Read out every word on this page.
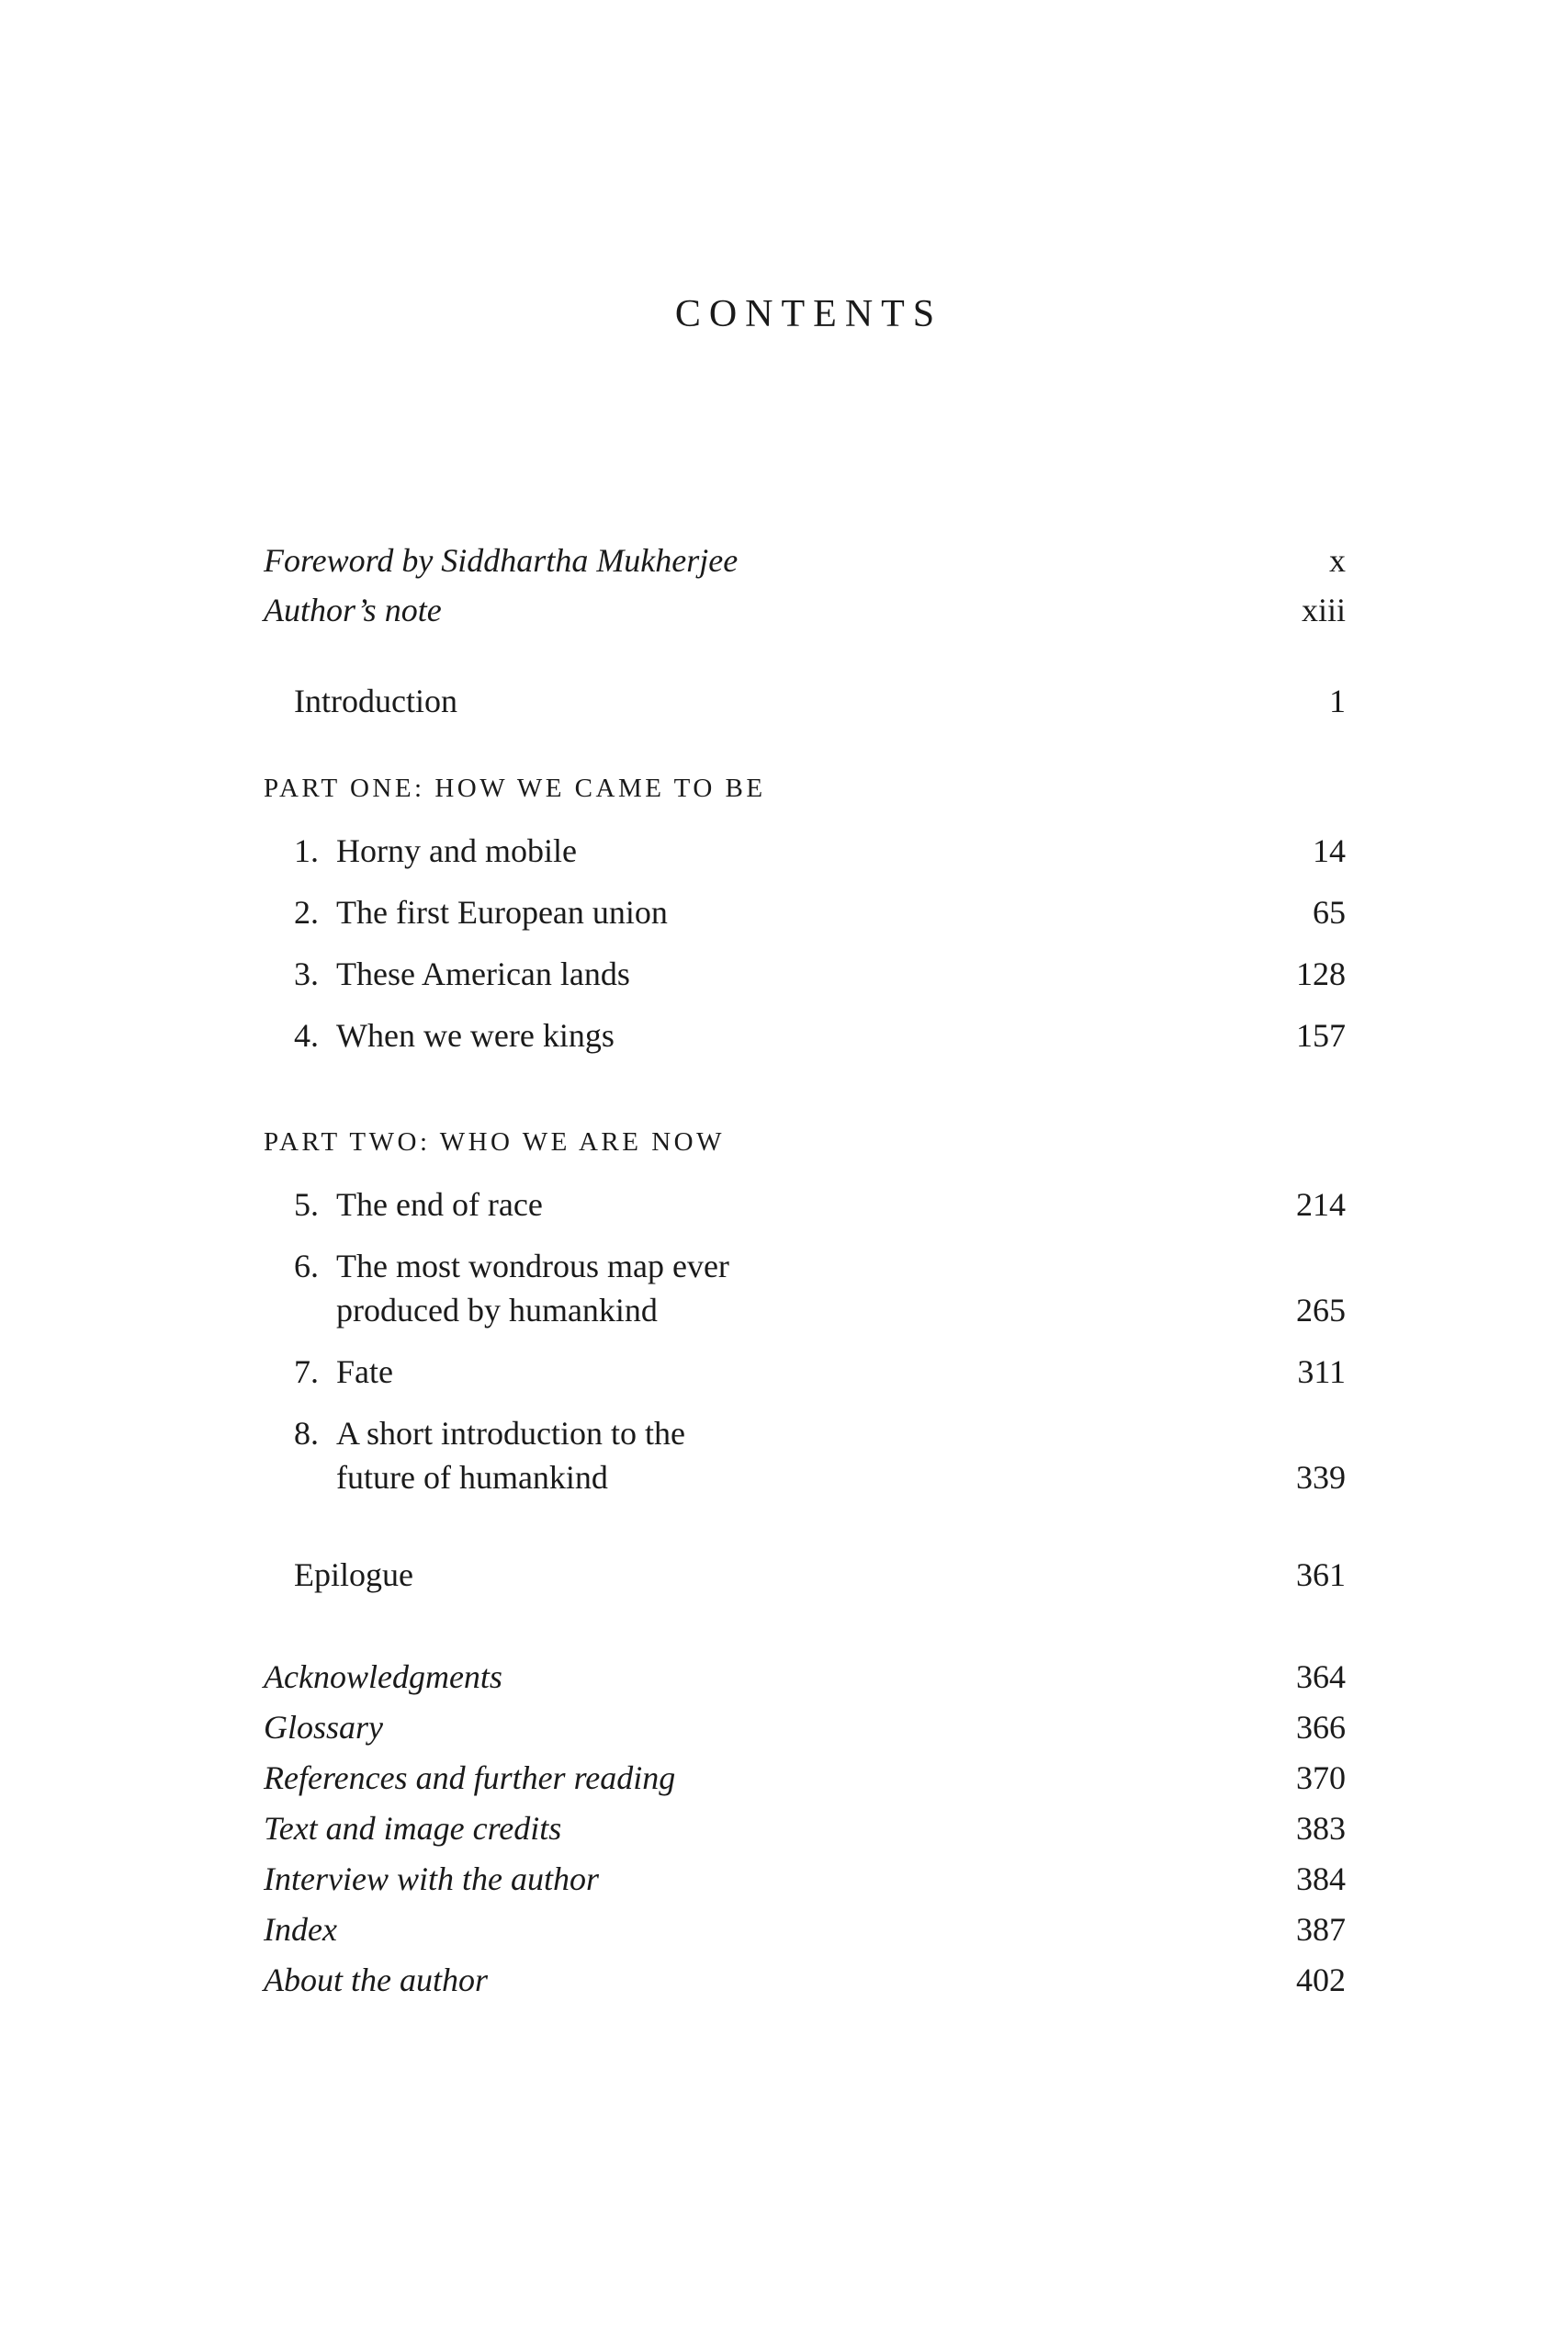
CONTENTS
Foreword by Siddhartha Mukherjee	x
Author’s note	xiii
Introduction	1
PART ONE: HOW WE CAME TO BE
1. Horny and mobile	14
2. The first European union	65
3. These American lands	128
4. When we were kings	157
PART TWO: WHO WE ARE NOW
5. The end of race	214
6. The most wondrous map ever
produced by humankind	265
7. Fate	311
8. A short introduction to the
future of humankind	339
Epilogue	361
Acknowledgments	364
Glossary	366
References and further reading	370
Text and image credits	383
Interview with the author	384
Index	387
About the author	402
